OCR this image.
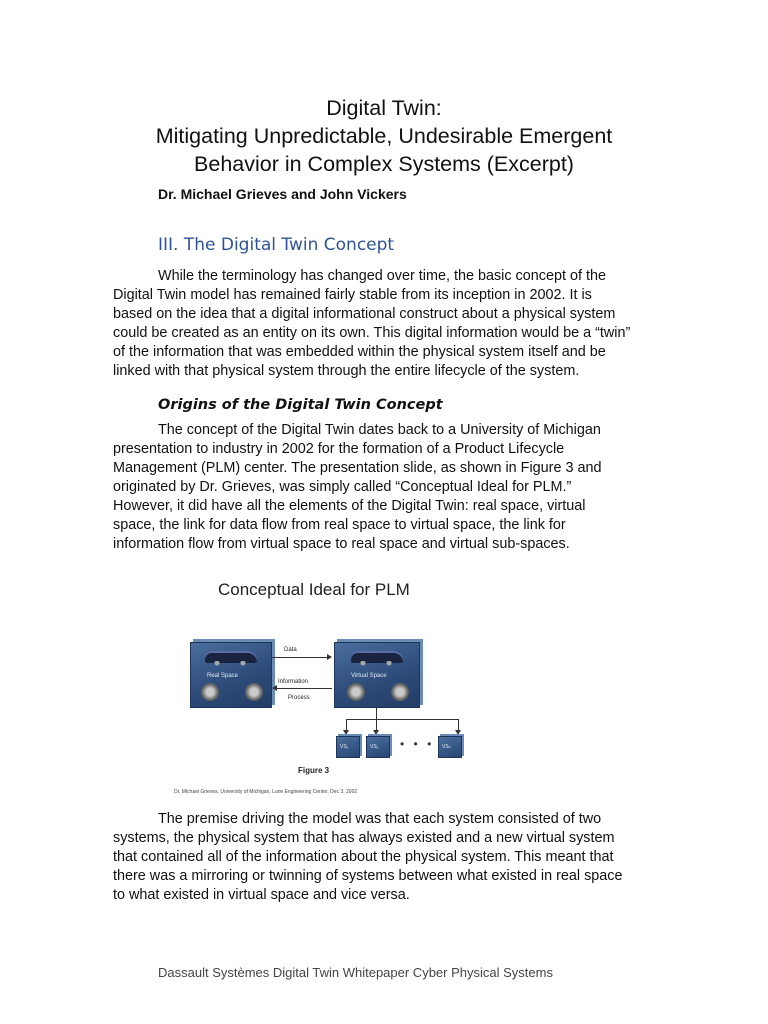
Digital Twin:
Mitigating Unpredictable, Undesirable Emergent
Behavior in Complex Systems (Excerpt)
Dr. Michael Grieves and John Vickers
III. The Digital Twin Concept

While the terminology has changed over time, the basic concept of the
Digital Twin model has remained fairly stable from its inception in 2002. It is
based on the idea that a digital informational construct about a physical system
could be created as an entity on its own. This digital information would be a “twin”
of the information that was embedded within the physical system itself and be
linked with that physical system through the entire lifecycle of the system.

Origins of the Digital Twin Concept

The concept of the Digital Twin dates back to a University of Michigan
presentation to industry in 2002 for the formation of a Product Lifecycle
Management (PLM) center. The presentation slide, as shown in Figure 3 and
originated by Dr. Grieves, was simply called “Conceptual Ideal for PLM.”
However, it did have all the elements of the Digital Twin: real space, virtual
space, the link for data flow from real space to virtual space, the link for
information flow from virtual space to real space and virtual sub-spaces.

Conceptual Ideal for PLM
Real Space	Virtual Space
Data
Information
Process
VS₁	VS₂ • • • VSₙ
Figure 3
Dr. Michael Grieves, University of Michigan, Lurie Engineering Center, Dec 3, 2002

The premise driving the model was that each system consisted of two
systems, the physical system that has always existed and a new virtual system
that contained all of the information about the physical system. This meant that
there was a mirroring or twinning of systems between what existed in real space
to what existed in virtual space and vice versa.

Dassault Systèmes Digital Twin Whitepaper Cyber Physical Systems
